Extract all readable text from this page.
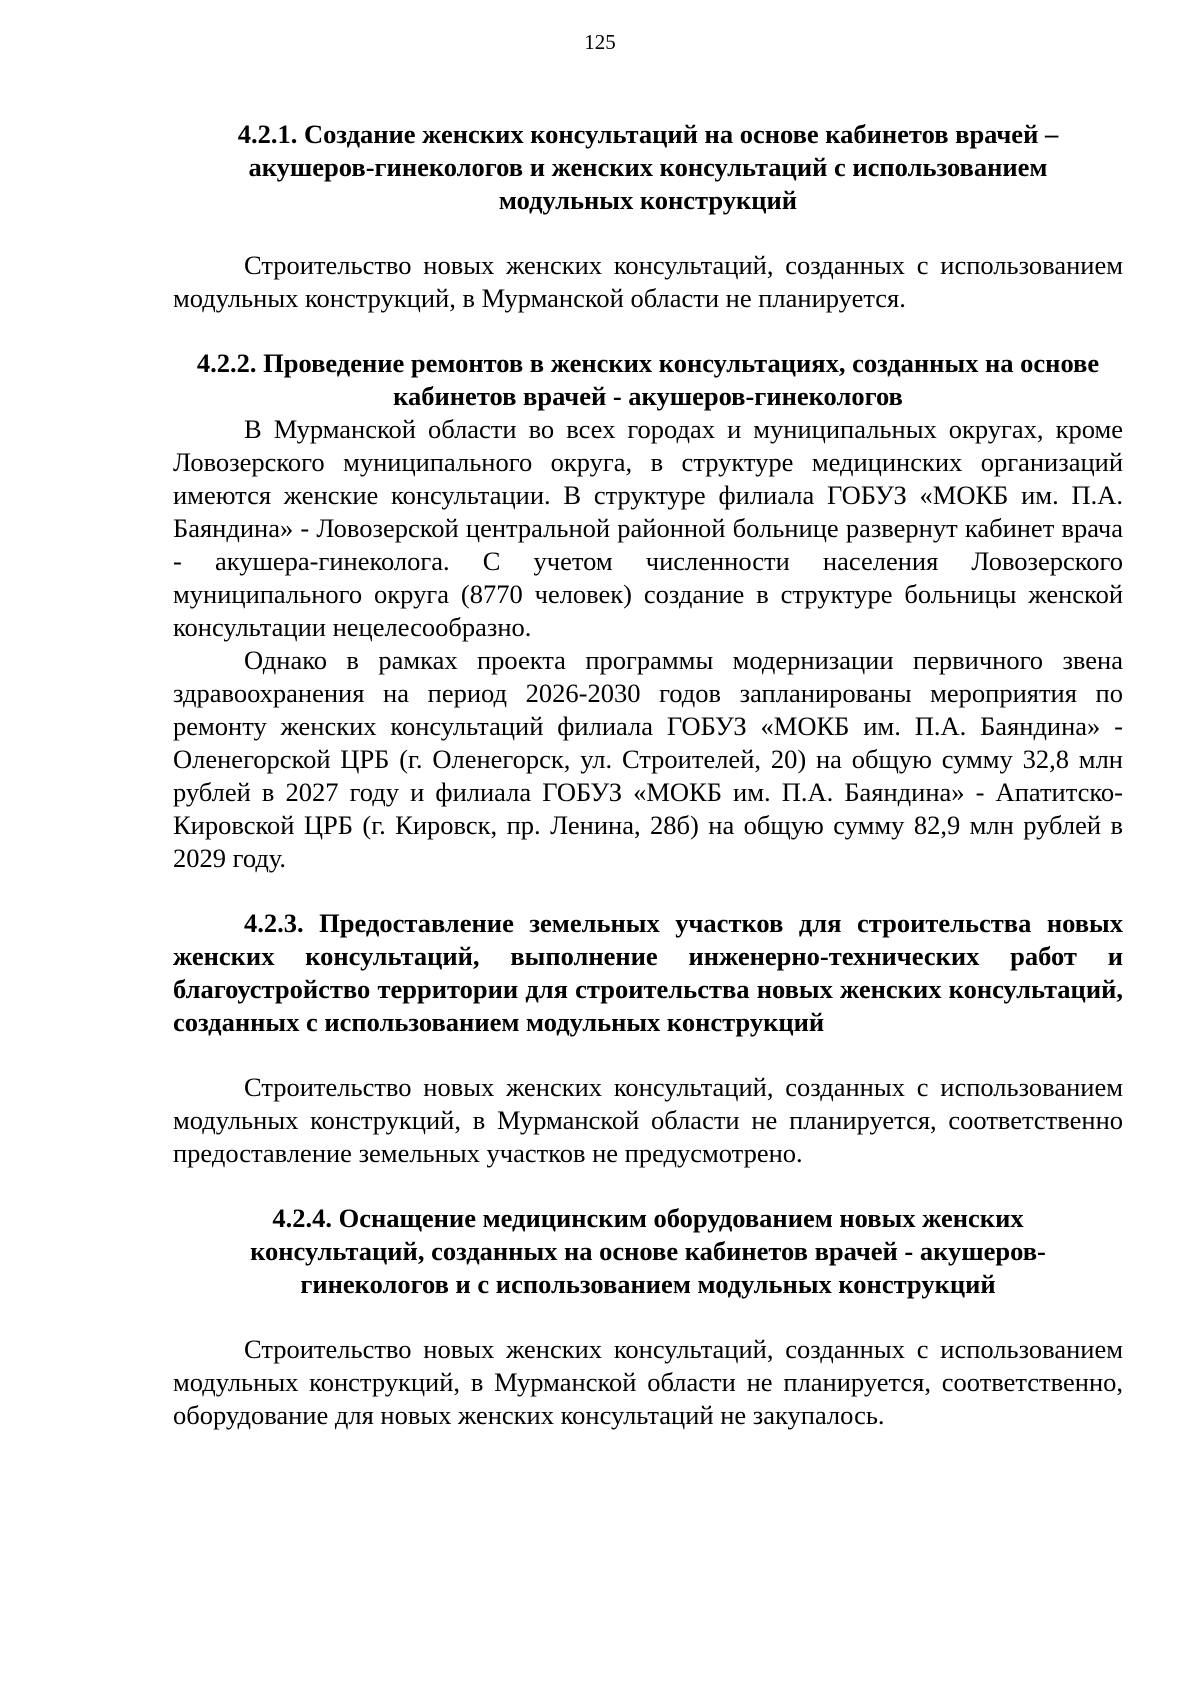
125
4.2.1. Создание женских консультаций на основе кабинетов врачей – акушеров-гинекологов и женских консультаций с использованием модульных конструкций

Строительство новых женских консультаций, созданных с использованием модульных конструкций, в Мурманской области не планируется.

4.2.2. Проведение ремонтов в женских консультациях, созданных на основе кабинетов врачей - акушеров-гинекологов

В Мурманской области во всех городах и муниципальных округах, кроме Ловозерского муниципального округа, в структуре медицинских организаций имеются женские консультации. В структуре филиала ГОБУЗ «МОКБ им. П.А. Баяндина» - Ловозерской центральной районной больнице развернут кабинет врача - акушера-гинеколога. С учетом численности населения Ловозерского муниципального округа (8770 человек) создание в структуре больницы женской консультации нецелесообразно.

Однако в рамках проекта программы модернизации первичного звена здравоохранения на период 2026-2030 годов запланированы мероприятия по ремонту женских консультаций филиала ГОБУЗ «МОКБ им. П.А. Баяндина» - Оленегорской ЦРБ (г. Оленегорск, ул. Строителей, 20) на общую сумму 32,8 млн рублей в 2027 году и филиала ГОБУЗ «МОКБ им. П.А. Баяндина» - Апатитско-Кировской ЦРБ (г. Кировск, пр. Ленина, 28б) на общую сумму 82,9 млн рублей в 2029 году.

4.2.3. Предоставление земельных участков для строительства новых женских консультаций, выполнение инженерно-технических работ и благоустройство территории для строительства новых женских консультаций, созданных с использованием модульных конструкций

Строительство новых женских консультаций, созданных с использованием модульных конструкций, в Мурманской области не планируется, соответственно предоставление земельных участков не предусмотрено.

4.2.4. Оснащение медицинским оборудованием новых женских консультаций, созданных на основе кабинетов врачей - акушеров-гинекологов и с использованием модульных конструкций

Строительство новых женских консультаций, созданных с использованием модульных конструкций, в Мурманской области не планируется, соответственно, оборудование для новых женских консультаций не закупалось.
